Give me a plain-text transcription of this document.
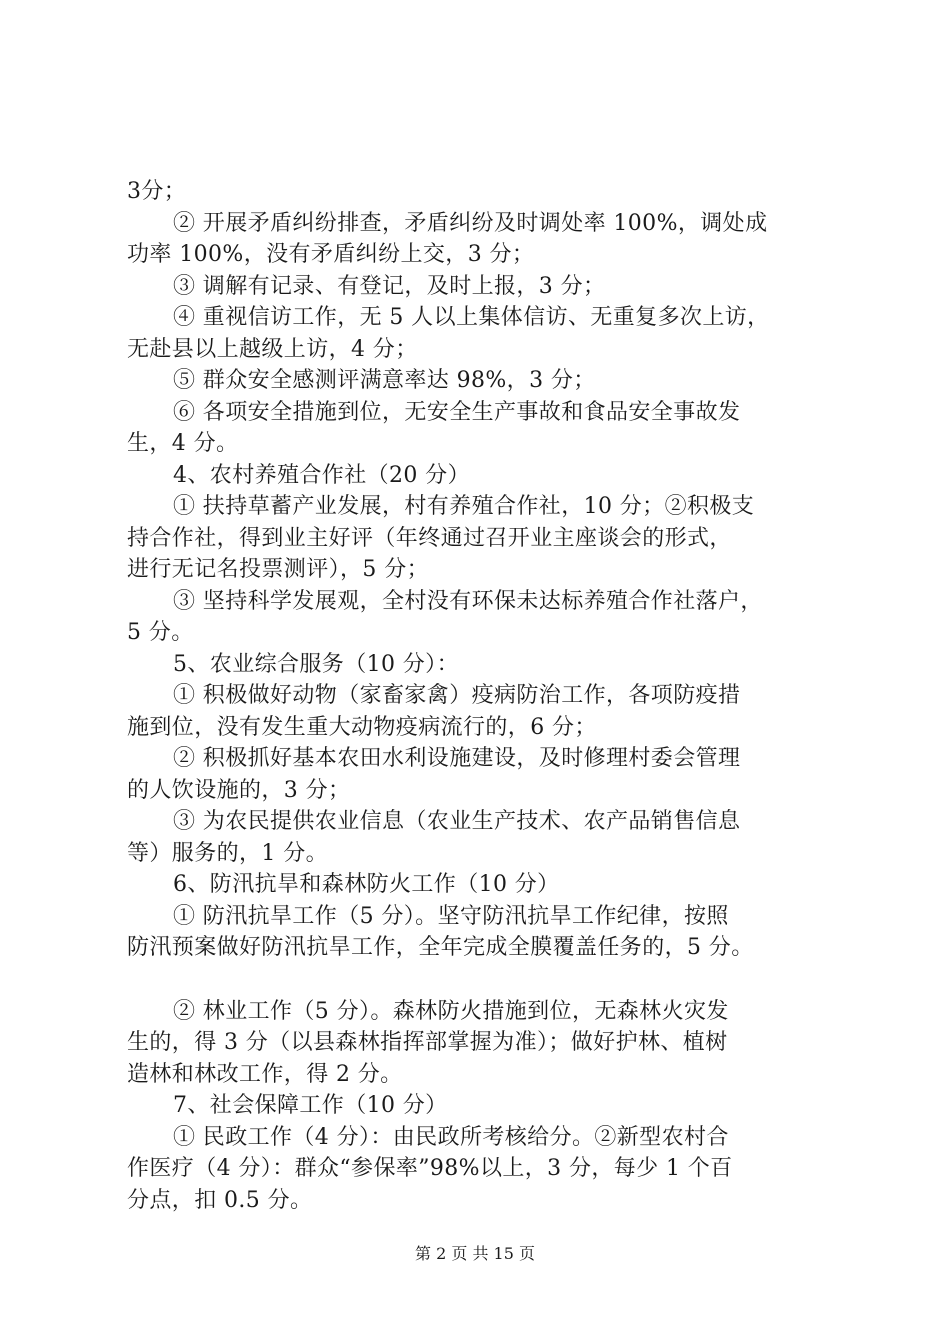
3分；

② 开展矛盾纠纷排查，矛盾纠纷及时调处率 100%，调处成

功率 100%，没有矛盾纠纷上交，3 分；

③ 调解有记录、有登记，及时上报，3 分；

④ 重视信访工作，无 5 人以上集体信访、无重复多次上访，

无赴县以上越级上访，4 分；

⑤ 群众安全感测评满意率达 98%，3 分；

⑥ 各项安全措施到位，无安全生产事故和食品安全事故发

生，4 分。

4、农村养殖合作社（20 分）

① 扶持草蓄产业发展，村有养殖合作社，10 分；②积极支

持合作社，得到业主好评（年终通过召开业主座谈会的形式，

进行无记名投票测评），5 分；

③ 坚持科学发展观，全村没有环保未达标养殖合作社落户，

5 分。

5、农业综合服务（10 分）：

① 积极做好动物（家畜家禽）疫病防治工作，各项防疫措

施到位，没有发生重大动物疫病流行的，6 分；

② 积极抓好基本农田水利设施建设，及时修理村委会管理

的人饮设施的，3 分；

③ 为农民提供农业信息（农业生产技术、农产品销售信息

等）服务的，1 分。

6、防汛抗旱和森林防火工作（10 分）

① 防汛抗旱工作（5 分）。坚守防汛抗旱工作纪律，按照

防汛预案做好防汛抗旱工作，全年完成全膜覆盖任务的，5 分。

② 林业工作（5 分）。森林防火措施到位，无森林火灾发

生的，得 3 分（以县森林指挥部掌握为准）；做好护林、植树

造林和林改工作，得 2 分。

7、社会保障工作（10 分）

① 民政工作（4 分）：由民政所考核给分。②新型农村合

作医疗（4 分）：群众“参保率”98%以上，3 分，每少 1 个百

分点，扣 0.5 分。

第 2 页 共 15 页
